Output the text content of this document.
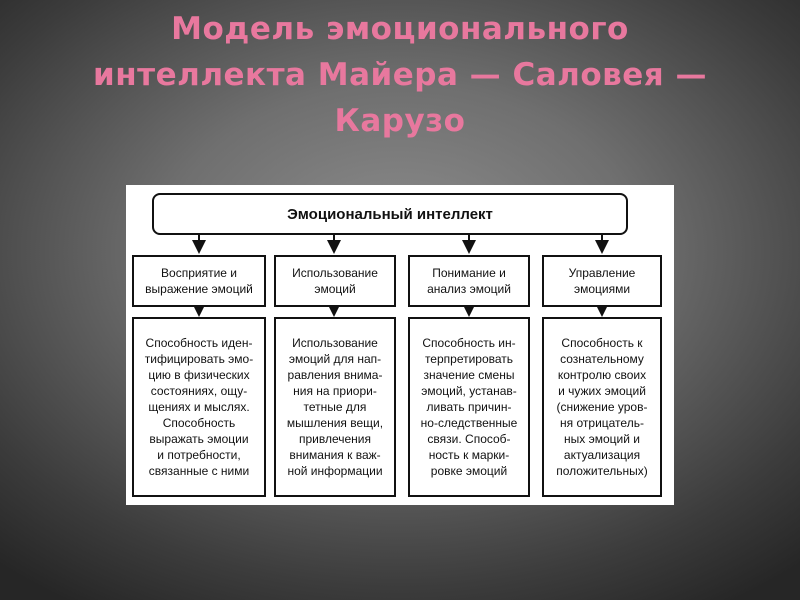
Модель эмоционального
интеллекта Майера — Саловея —
Карузо
Эмоциональный интеллект
Восприятие и
выражение эмоций
Использование
эмоций
Понимание и
анализ эмоций
Управление
эмоциями
Способность иден-
тифицировать эмо-
цию в физических
состояниях, ощу-
щениях и мыслях.
Способность
выражать эмоции
и потребности,
связанные с ними
Использование
эмоций для нап-
равления внима-
ния на приори-
тетные для
мышления вещи,
привлечения
внимания к важ-
ной информации
Способность ин-
терпретировать
значение смены
эмоций, устанав-
ливать причин-
но-следственные
связи. Способ-
ность к марки-
ровке эмоций
Способность к
сознательному
контролю своих
и чужих эмоций
(снижение уров-
ня отрицатель-
ных эмоций и
актуализация
положительных)
